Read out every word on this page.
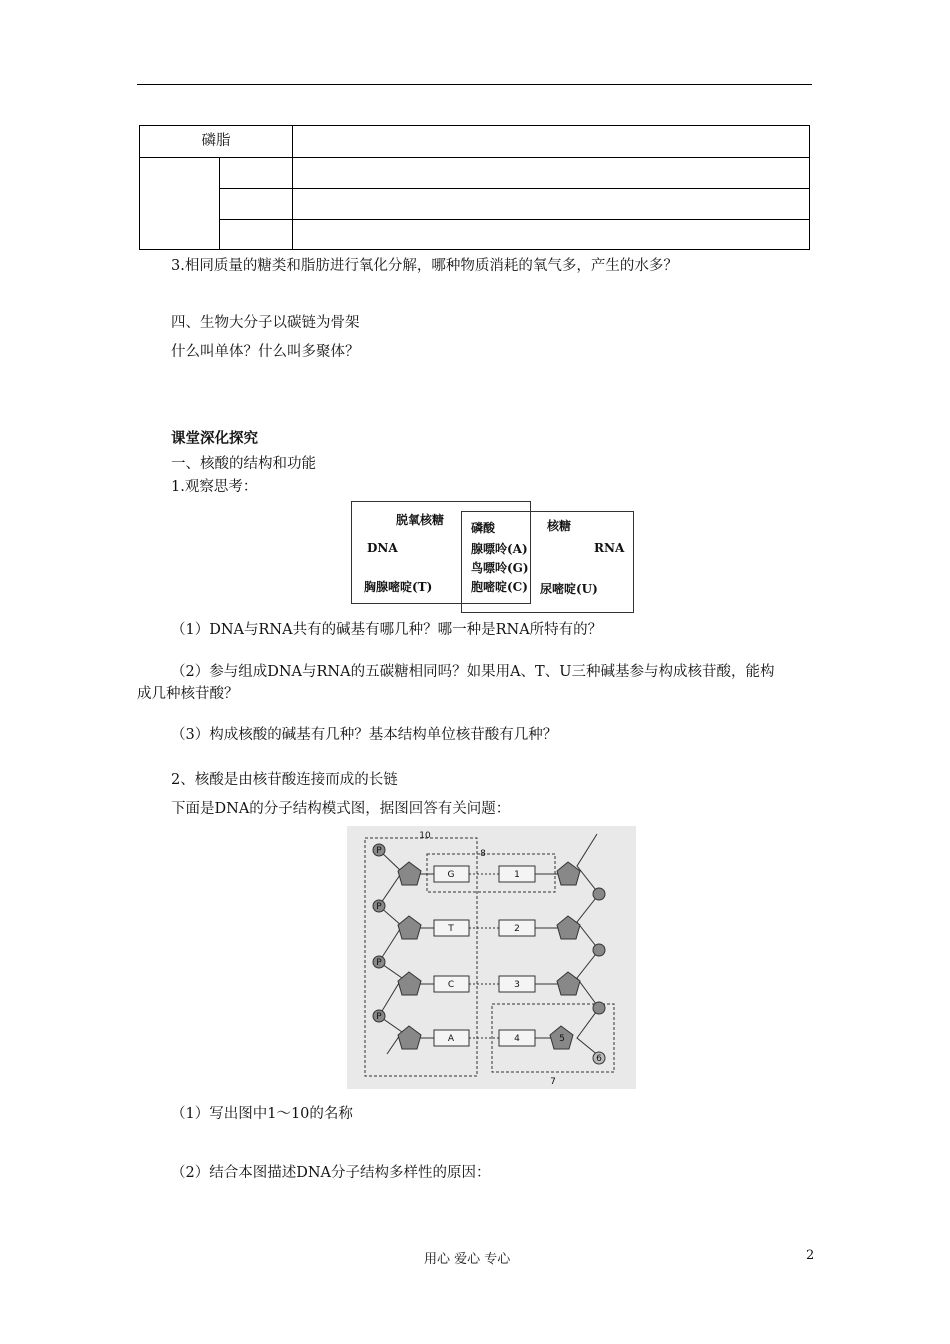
磷脂
3.相同质量的糖类和脂肪进行氧化分解，哪种物质消耗的氧气多，产生的水多？
四、生物大分子以碳链为骨架
什么叫单体？什么叫多聚体？
课堂深化探究
一、核酸的结构和功能
1.观察思考：
脱氧核糖
DNA
胸腺嘧啶(T)
磷酸
腺嘌呤(A)
鸟嘌呤(G)
胞嘧啶(C)
核糖
RNA
尿嘧啶(U)
（1）DNA与RNA共有的碱基有哪几种？哪一种是RNA所特有的？
（2）参与组成DNA与RNA的五碳糖相同吗？如果用A、T、U三种碱基参与构成核苷酸，能构
成几种核苷酸？
（3）构成核酸的碱基有几种？基本结构单位核苷酸有几种？
2、核酸是由核苷酸连接而成的长链
下面是DNA的分子结构模式图，据图回答有关问题：
P
P
P
P
G
T
C
A
1
2
3
4	5
6
10
8
7
（1）写出图中1～10的名称
（2）结合本图描述DNA分子结构多样性的原因：
用心 爱心 专心	2
